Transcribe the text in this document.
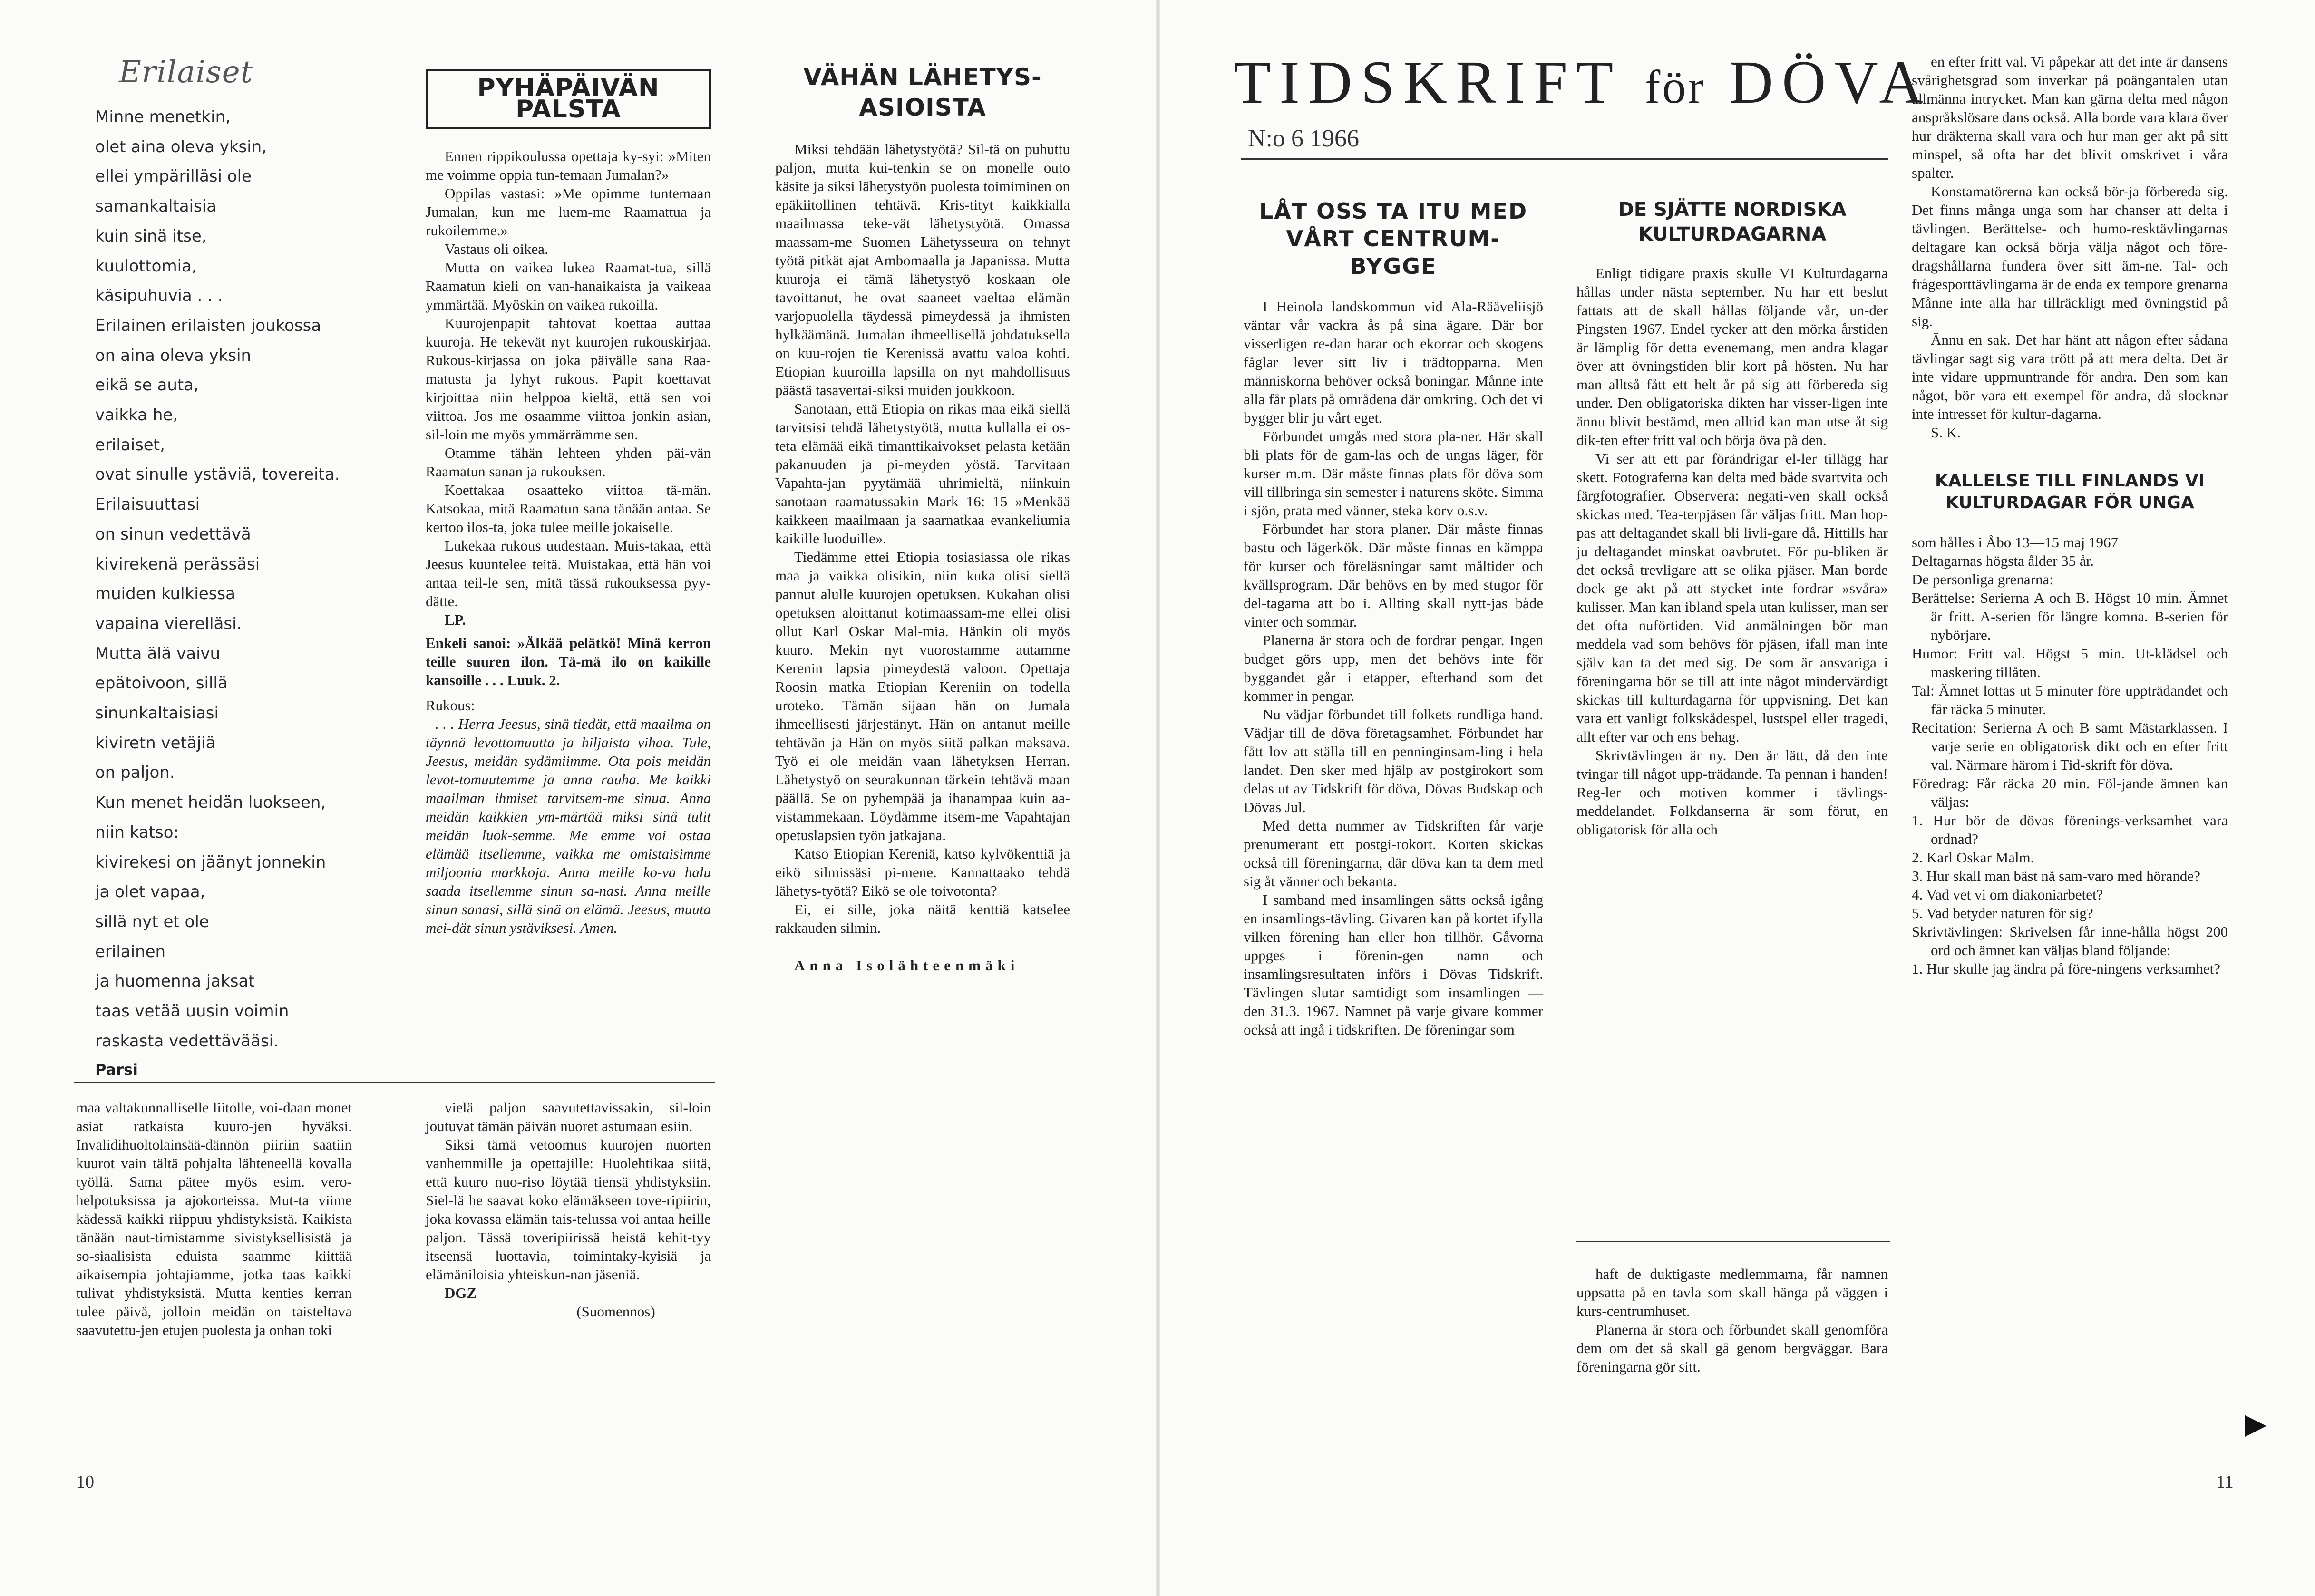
Erilaiset

Minne menetkin,

olet aina oleva yksin,

ellei ympärilläsi ole

samankaltaisia

kuin sinä itse,

kuulottomia,

käsipuhuvia . . .

Erilainen erilaisten joukossa

on aina oleva yksin

eikä se auta,

vaikka he,

erilaiset,

ovat sinulle ystäviä, tovereita.

Erilaisuuttasi

on sinun vedettävä

kivirekenä perässäsi

muiden kulkiessa

vapaina vierelläsi.

Mutta älä vaivu

epätoivoon, sillä

sinunkaltaisiasi

kiviretn vetäjiä

on paljon.

Kun menet heidän luokseen,

niin katso:

kivirekesi on jäänyt jonnekin

ja olet vapaa,

sillä nyt et ole

erilainen

ja huomenna jaksat

taas vetää uusin voimin

raskasta vedettävääsi.

Parsi

PYHÄPÄIVÄN PALSTA

Ennen rippikoulussa opettaja ky-syi: »Miten me voimme oppia tun-temaan Jumalan?»

Oppilas vastasi: »Me opimme tuntemaan Jumalan, kun me luem-me Raamattua ja rukoilemme.»

Vastaus oli oikea.

Mutta on vaikea lukea Raamat-tua, sillä Raamatun kieli on van-hanaikaista ja vaikeaa ymmärtää. Myöskin on vaikea rukoilla.

Kuurojenpapit tahtovat koettaa auttaa kuuroja. He tekevät nyt kuurojen rukouskirjaa. Rukous-kirjassa on joka päivälle sana Raa-matusta ja lyhyt rukous. Papit koettavat kirjoittaa niin helppoa kieltä, että sen voi viittoa. Jos me osaamme viittoa jonkin asian, sil-loin me myös ymmärrämme sen.

Otamme tähän lehteen yhden päi-vän Raamatun sanan ja rukouksen.

Koettakaa osaatteko viittoa tä-män. Katsokaa, mitä Raamatun sana tänään antaa. Se kertoo ilos-ta, joka tulee meille jokaiselle.

Lukekaa rukous uudestaan. Muis-takaa, että Jeesus kuuntelee teitä. Muistakaa, että hän voi antaa teil-le sen, mitä tässä rukouksessa pyy-dätte.

LP.

Enkeli sanoi: »Älkää pelätkö! Minä kerron teille suuren ilon. Tä-mä ilo on kaikille kansoille . . . Luuk. 2.

Rukous:

. . . Herra Jeesus, sinä tiedät, että maailma on täynnä levottomuutta ja hiljaista vihaa. Tule, Jeesus, meidän sydämiimme. Ota pois meidän levot-tomuutemme ja anna rauha. Me kaikki maailman ihmiset tarvitsem-me sinua. Anna meidän kaikkien ym-märtää miksi sinä tulit meidän luok-semme. Me emme voi ostaa elämää itsellemme, vaikka me omistaisimme miljoonia markkoja. Anna meille ko-va halu saada itsellemme sinun sa-nasi. Anna meille sinun sanasi, sillä sinä on elämä. Jeesus, muuta mei-dät sinun ystäviksesi. Amen.

maa valtakunnalliselle liitolle, voi-daan monet asiat ratkaista kuuro-jen hyväksi. Invalidihuoltolainsää-dännön piiriin saatiin kuurot vain tältä pohjalta lähteneellä kovalla työllä. Sama pätee myös esim. vero-helpotuksissa ja ajokorteissa. Mut-ta viime kädessä kaikki riippuu yhdistyksistä. Kaikista tänään naut-timistamme sivistyksellisistä ja so-siaalisista eduista saamme kiittää aikaisempia johtajiamme, jotka taas kaikki tulivat yhdistyksistä. Mutta kenties kerran tulee päivä, jolloin meidän on taisteltava saavutettu-jen etujen puolesta ja onhan toki

vielä paljon saavutettavissakin, sil-loin joutuvat tämän päivän nuoret astumaan esiin.

Siksi tämä vetoomus kuurojen nuorten vanhemmille ja opettajille: Huolehtikaa siitä, että kuuro nuo-riso löytää tiensä yhdistyksiin. Siel-lä he saavat koko elämäkseen tove-ripiirin, joka kovassa elämän tais-telussa voi antaa heille paljon. Tässä toveripiirissä heistä kehit-tyy itseensä luottavia, toimintaky-kyisiä ja elämäniloisia yhteiskun-nan jäseniä.

DGZ

(Suomennos)

VÄHÄN LÄHETYS-ASIOISTA

Miksi tehdään lähetystyötä? Sil-tä on puhuttu paljon, mutta kui-tenkin se on monelle outo käsite ja siksi lähetystyön puolesta toimiminen on epäkiitollinen tehtävä. Kris-tityt kaikkialla maailmassa teke-vät lähetystyötä. Omassa maassam-me Suomen Lähetysseura on tehnyt työtä pitkät ajat Ambomaalla ja Japanissa. Mutta kuuroja ei tämä lähetystyö koskaan ole tavoittanut, he ovat saaneet vaeltaa elämän varjopuolella täydessä pimeydessä ja ihmisten hylkäämänä. Jumalan ihmeellisellä johdatuksella on kuu-rojen tie Kerenissä avattu valoa kohti. Etiopian kuuroilla lapsilla on nyt mahdollisuus päästä tasavertai-siksi muiden joukkoon.

Sanotaan, että Etiopia on rikas maa eikä siellä tarvitsisi tehdä lähetystyötä, mutta kullalla ei os-teta elämää eikä timanttikaivokset pelasta ketään pakanuuden ja pi-meyden yöstä. Tarvitaan Vapahta-jan pyytämää uhrimieltä, niinkuin sanotaan raamatussakin Mark 16: 15 »Menkää kaikkeen maailmaan ja saarnatkaa evankeliumia kaikille luoduille».

Tiedämme ettei Etiopia tosiasiassa ole rikas maa ja vaikka olisikin, niin kuka olisi siellä pannut alulle kuurojen opetuksen. Kukahan olisi opetuksen aloittanut kotimaassam-me ellei olisi ollut Karl Oskar Mal-mia. Hänkin oli myös kuuro. Mekin nyt vuorostamme autamme Kerenin lapsia pimeydestä valoon. Opettaja Roosin matka Etiopian Kereniin on todella uroteko. Tämän sijaan hän on Jumala ihmeellisesti järjestänyt. Hän on antanut meille tehtävän ja Hän on myös siitä palkan maksava. Työ ei ole meidän vaan lähetyksen Herran. Lähetystyö on seurakunnan tärkein tehtävä maan päällä. Se on pyhempää ja ihanampaa kuin aa-vistammekaan. Löydämme itsem-me Vapahtajan opetuslapsien työn jatkajana.

Katso Etiopian Kereniä, katso kylvökenttiä ja eikö silmissäsi pi-mene. Kannattaako tehdä lähetys-työtä? Eikö se ole toivotonta?

Ei, ei sille, joka näitä kenttiä katselee rakkauden silmin.

Anna Isolähteenmäki

10
TIDSKRIFT för DÖVA
N:o 6 1966
LÅT OSS TA ITU MED VÅRT CENTRUM-BYGGE

I Heinola landskommun vid Ala-Rääveliisjö väntar vår vackra ås på sina ägare. Där bor visserligen re-dan harar och ekorrar och skogens fåglar lever sitt liv i trädtopparna. Men människorna behöver också boningar. Månne inte alla får plats på områdena där omkring. Och det vi bygger blir ju vårt eget.

Förbundet umgås med stora pla-ner. Här skall bli plats för de gam-las och de ungas läger, för kurser m.m. Där måste finnas plats för döva som vill tillbringa sin semester i naturens sköte. Simma i sjön, prata med vänner, steka korv o.s.v.

Förbundet har stora planer. Där måste finnas bastu och lägerkök. Där måste finnas en kämppa för kurser och föreläsningar samt måltider och kvällsprogram. Där behövs en by med stugor för del-tagarna att bo i. Allting skall nytt-jas både vinter och sommar.

Planerna är stora och de fordrar pengar. Ingen budget görs upp, men det behövs inte för byggandet går i etapper, efterhand som det kommer in pengar.

Nu vädjar förbundet till folkets rundliga hand. Vädjar till de döva företagsamhet. Förbundet har fått lov att ställa till en penninginsam-ling i hela landet. Den sker med hjälp av postgirokort som delas ut av Tidskrift för döva, Dövas Budskap och Dövas Jul.

Med detta nummer av Tidskriften får varje prenumerant ett postgi-rokort. Korten skickas också till föreningarna, där döva kan ta dem med sig åt vänner och bekanta.

I samband med insamlingen sätts också igång en insamlings-tävling. Givaren kan på kortet ifylla vilken förening han eller hon tillhör. Gåvorna uppges i förenin-gen namn och insamlingsresultaten införs i Dövas Tidskrift. Tävlingen slutar samtidigt som insamlingen — den 31.3. 1967. Namnet på varje givare kommer också att ingå i tidskriften. De föreningar som

DE SJÄTTE NORDISKA KULTURDAGARNA

Enligt tidigare praxis skulle VI Kulturdagarna hållas under nästa september. Nu har ett beslut fattats att de skall hållas följande vår, un-der Pingsten 1967. Endel tycker att den mörka årstiden är lämplig för detta evenemang, men andra klagar över att övningstiden blir kort på hösten. Nu har man alltså fått ett helt år på sig att förbereda sig under. Den obligatoriska dikten har visser-ligen inte ännu blivit bestämd, men alltid kan man utse åt sig dik-ten efter fritt val och börja öva på den.

Vi ser att ett par förändrigar el-ler tillägg har skett. Fotograferna kan delta med både svartvita och färgfotografier. Observera: negati-ven skall också skickas med. Tea-terpjäsen får väljas fritt. Man hop-pas att deltagandet skall bli livli-gare då. Hittills har ju deltagandet minskat oavbrutet. För pu-bliken är det också trevligare att se olika pjäser. Man borde dock ge akt på att stycket inte fordrar »svåra» kulisser. Man kan ibland spela utan kulisser, man ser det ofta nuförtiden. Vid anmälningen bör man meddela vad som behövs för pjäsen, ifall man inte själv kan ta det med sig. De som är ansvariga i föreningarna bör se till att inte något mindervärdigt skickas till kulturdagarna för uppvisning. Det kan vara ett vanligt folkskådespel, lustspel eller tragedi, allt efter var och ens behag.

Skrivtävlingen är ny. Den är lätt, då den inte tvingar till något upp-trädande. Ta pennan i handen! Reg-ler och motiven kommer i tävlings-meddelandet. Folkdanserna är som förut, en obligatorisk för alla och

haft de duktigaste medlemmarna, får namnen uppsatta på en tavla som skall hänga på väggen i kurs-centrumhuset.

Planerna är stora och förbundet skall genomföra dem om det så skall gå genom bergväggar. Bara föreningarna gör sitt.

en efter fritt val. Vi påpekar att det inte är dansens svårighetsgrad som inverkar på poängantalen utan allmänna intrycket. Man kan gärna delta med någon anspråkslösare dans också. Alla borde vara klara över hur dräkterna skall vara och hur man ger akt på sitt minspel, så ofta har det blivit omskrivet i våra spalter.

Konstamatörerna kan också bör-ja förbereda sig. Det finns många unga som har chanser att delta i tävlingen. Berättelse- och humo-resktävlingarnas deltagare kan också börja välja något och före-dragshållarna fundera över sitt äm-ne. Tal- och frågesporttävlingarna är de enda ex tempore grenarna Månne inte alla har tillräckligt med övningstid på sig.

Ännu en sak. Det har hänt att någon efter sådana tävlingar sagt sig vara trött på att mera delta. Det är inte vidare uppmuntrande för andra. Den som kan något, bör vara ett exempel för andra, då slocknar inte intresset för kultur-dagarna.

S. K.

KALLELSE TILL FINLANDS VI KULTURDAGAR FÖR UNGA

som hålles i Åbo 13—15 maj 1967

Deltagarnas högsta ålder 35 år.

De personliga grenarna:

Berättelse: Serierna A och B. Högst 10 min. Ämnet är fritt. A-serien för längre komna. B-serien för nybörjare.

Humor: Fritt val. Högst 5 min. Ut-klädsel och maskering tillåten.

Tal: Ämnet lottas ut 5 minuter före uppträdandet och får räcka 5 minuter.

Recitation: Serierna A och B samt Mästarklassen. I varje serie en obligatorisk dikt och en efter fritt val. Närmare härom i Tid-skrift för döva.

Föredrag: Får räcka 20 min. Föl-jande ämnen kan väljas:

1. Hur bör de dövas förenings-verksamhet vara ordnad?

2. Karl Oskar Malm.

3. Hur skall man bäst nå sam-varo med hörande?

4. Vad vet vi om diakoniarbetet?

5. Vad betyder naturen för sig?

Skrivtävlingen: Skrivelsen får inne-hålla högst 200 ord och ämnet kan väljas bland följande:

1. Hur skulle jag ändra på före-ningens verksamhet?

▶
11
